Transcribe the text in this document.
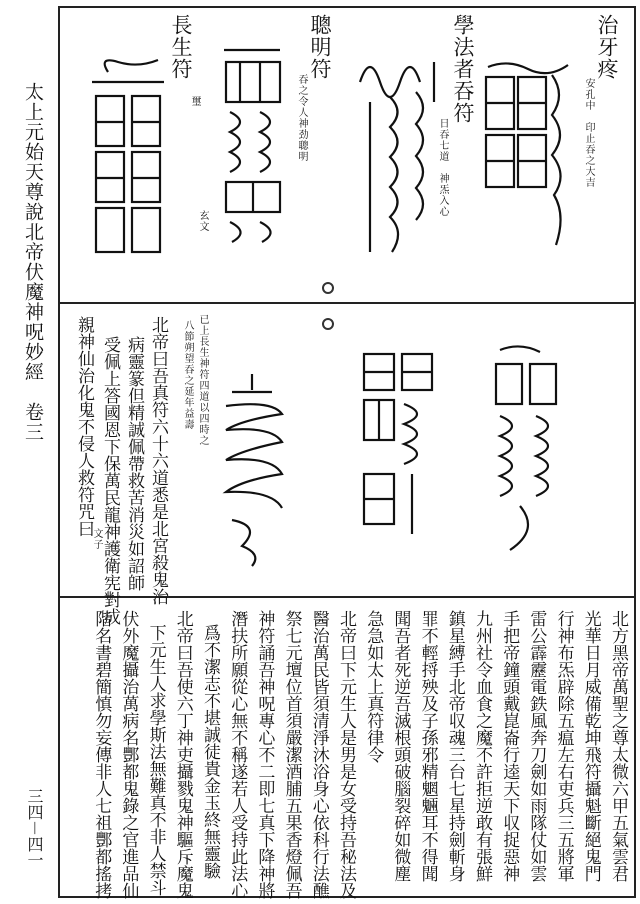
太上元始天尊說北帝伏魔神呪妙經　卷三
三四－四一
治牙疼
安孔中　印止吞之大吉
學法者吞符
日吞七道　神炁入心
聰明符
吞之令人神劲聰明
長生符
璽
玄文
已上長生神符四道以四時之
八節朔望吞之延年益壽
北帝曰吾真符六十六道悉是北宮殺鬼治
病靈篆但精誠佩帶救苦消災如詔師
受佩上答國恩下保萬民龍神護衛宪對成
親神仙治化鬼不侵人救符咒曰
文子
北方黑帝萬聖之尊太微六甲五氣雲君
光華日月威備乾坤飛符攝魁斷絕鬼門
行神布炁辟除五瘟左右吏兵三五將軍
雷公霹靂電鉄風奔刀劍如雨隊仗如雲
手把帝鐘頭戴崑崙行逵天下収捉惡神
九州社令血食之魔不許拒逆敢有張鮮
鎮星縛手北帝収魂三台七星持劍斬身
罪不輕捋殃及子孫邪精魍魎耳不得聞
聞吾者死逆吾滅根頭破腦裂碎如微塵
急急如太上真符律令
北帝曰下元生人是男是女受持吾秘法及
醫治萬民皆須清淨沐浴身心依科行法醮
祭七元壇位首須嚴潔酒脯五果香燈佩吾
神符誦吾神呪專心不二即七真下降神將
潛扶所願從心無不稱遂若人受持此法心
爲不潔志不堪誠徒貴金玉終無靈驗
北帝曰吾使六丁神吏攝戮鬼神驅斥魔鬼
下元生人求學斯法無難真不非人禁斗
伏外魔攝治萬病名酆都鬼錄之官進品仙
階名書碧簡慎勿妄傳非人七祖酆都搖拷
